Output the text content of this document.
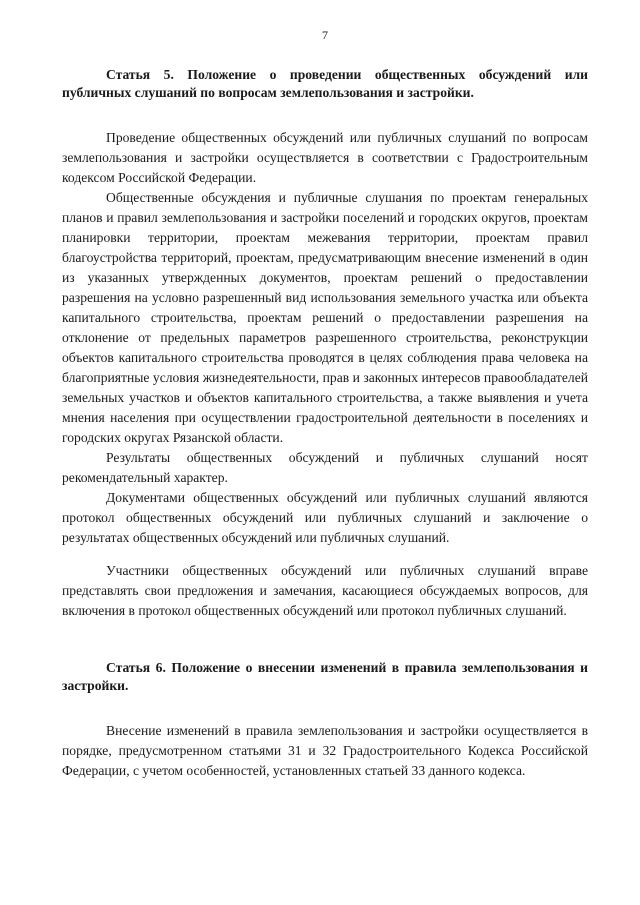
7

Статья 5. Положение о проведении общественных обсуждений или публичных слушаний по вопросам землепользования и застройки.

Проведение общественных обсуждений или публичных слушаний по вопросам землепользования и застройки осуществляется в соответствии с Градостроительным кодексом Российской Федерации.

Общественные обсуждения и публичные слушания по проектам генеральных планов и правил землепользования и застройки поселений и городских округов, проектам планировки территории, проектам межевания территории, проектам правил благоустройства территорий, проектам, предусматривающим внесение изменений в один из указанных утвержденных документов, проектам решений о предоставлении разрешения на условно разрешенный вид использования земельного участка или объекта капитального строительства, проектам решений о предоставлении разрешения на отклонение от предельных параметров разрешенного строительства, реконструкции объектов капитального строительства проводятся в целях соблюдения права человека на благоприятные условия жизнедеятельности, прав и законных интересов правообладателей земельных участков и объектов капитального строительства, а также выявления и учета мнения населения при осуществлении градостроительной деятельности в поселениях и городских округах Рязанской области.

Результаты общественных обсуждений и публичных слушаний носят рекомендательный характер.

Документами общественных обсуждений или публичных слушаний являются протокол общественных обсуждений или публичных слушаний и заключение о результатах общественных обсуждений или публичных слушаний.

Участники общественных обсуждений или публичных слушаний вправе представлять свои предложения и замечания, касающиеся обсуждаемых вопросов, для включения в протокол общественных обсуждений или протокол публичных слушаний.

Статья 6. Положение о внесении изменений в правила землепользования и застройки.

Внесение изменений в правила землепользования и застройки осуществляется в порядке, предусмотренном статьями 31 и 32 Градостроительного Кодекса Российской Федерации, с учетом особенностей, установленных статьей 33 данного кодекса.
